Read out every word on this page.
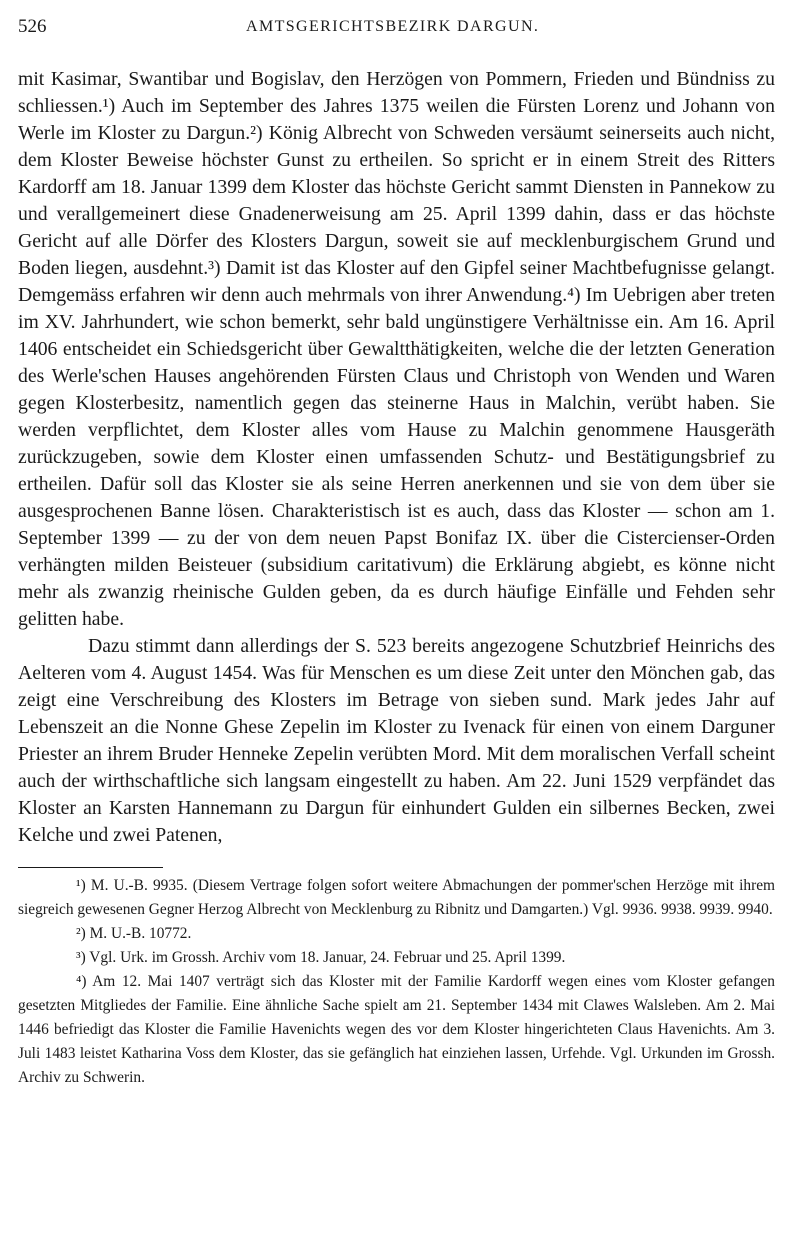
526	AMTSGERICHTSBEZIRK DARGUN.

mit Kasimar, Swantibar und Bogislav, den Herzögen von Pommern, Frieden und Bündniss zu schliessen.¹) Auch im September des Jahres 1375 weilen die Fürsten Lorenz und Johann von Werle im Kloster zu Dargun.²) König Albrecht von Schweden versäumt seinerseits auch nicht, dem Kloster Beweise höchster Gunst zu ertheilen. So spricht er in einem Streit des Ritters Kardorff am 18. Januar 1399 dem Kloster das höchste Gericht sammt Diensten in Pannekow zu und verallgemeinert diese Gnadenerweisung am 25. April 1399 dahin, dass er das höchste Gericht auf alle Dörfer des Klosters Dargun, soweit sie auf mecklenburgischem Grund und Boden liegen, ausdehnt.³) Damit ist das Kloster auf den Gipfel seiner Machtbefugnisse gelangt. Demgemäss erfahren wir denn auch mehrmals von ihrer Anwendung.⁴) Im Uebrigen aber treten im XV. Jahrhundert, wie schon bemerkt, sehr bald ungünstigere Verhältnisse ein. Am 16. April 1406 entscheidet ein Schiedsgericht über Gewaltthätigkeiten, welche die der letzten Generation des Werle'schen Hauses angehörenden Fürsten Claus und Christoph von Wenden und Waren gegen Klosterbesitz, namentlich gegen das steinerne Haus in Malchin, verübt haben. Sie werden verpflichtet, dem Kloster alles vom Hause zu Malchin genommene Hausgeräth zurückzugeben, sowie dem Kloster einen umfassenden Schutz- und Bestätigungsbrief zu ertheilen. Dafür soll das Kloster sie als seine Herren anerkennen und sie von dem über sie ausgesprochenen Banne lösen. Charakteristisch ist es auch, dass das Kloster — schon am 1. September 1399 — zu der von dem neuen Papst Bonifaz IX. über die Cistercienser-Orden verhängten milden Beisteuer (subsidium caritativum) die Erklärung abgiebt, es könne nicht mehr als zwanzig rheinische Gulden geben, da es durch häufige Einfälle und Fehden sehr gelitten habe.

Dazu stimmt dann allerdings der S. 523 bereits angezogene Schutzbrief Heinrichs des Aelteren vom 4. August 1454. Was für Menschen es um diese Zeit unter den Mönchen gab, das zeigt eine Verschreibung des Klosters im Betrage von sieben sund. Mark jedes Jahr auf Lebenszeit an die Nonne Ghese Zepelin im Kloster zu Ivenack für einen von einem Darguner Priester an ihrem Bruder Henneke Zepelin verübten Mord. Mit dem moralischen Verfall scheint auch der wirthschaftliche sich langsam eingestellt zu haben. Am 22. Juni 1529 verpfändet das Kloster an Karsten Hannemann zu Dargun für einhundert Gulden ein silbernes Becken, zwei Kelche und zwei Patenen,

¹) M. U.-B. 9935. (Diesem Vertrage folgen sofort weitere Abmachungen der pommer'schen Herzöge mit ihrem siegreich gewesenen Gegner Herzog Albrecht von Mecklenburg zu Ribnitz und Damgarten.) Vgl. 9936. 9938. 9939. 9940.

²) M. U.-B. 10772.

³) Vgl. Urk. im Grossh. Archiv vom 18. Januar, 24. Februar und 25. April 1399.

⁴) Am 12. Mai 1407 verträgt sich das Kloster mit der Familie Kardorff wegen eines vom Kloster gefangen gesetzten Mitgliedes der Familie. Eine ähnliche Sache spielt am 21. September 1434 mit Clawes Walsleben. Am 2. Mai 1446 befriedigt das Kloster die Familie Havenichts wegen des vor dem Kloster hingerichteten Claus Havenichts. Am 3. Juli 1483 leistet Katharina Voss dem Kloster, das sie gefänglich hat einziehen lassen, Urfehde. Vgl. Urkunden im Grossh. Archiv zu Schwerin.
